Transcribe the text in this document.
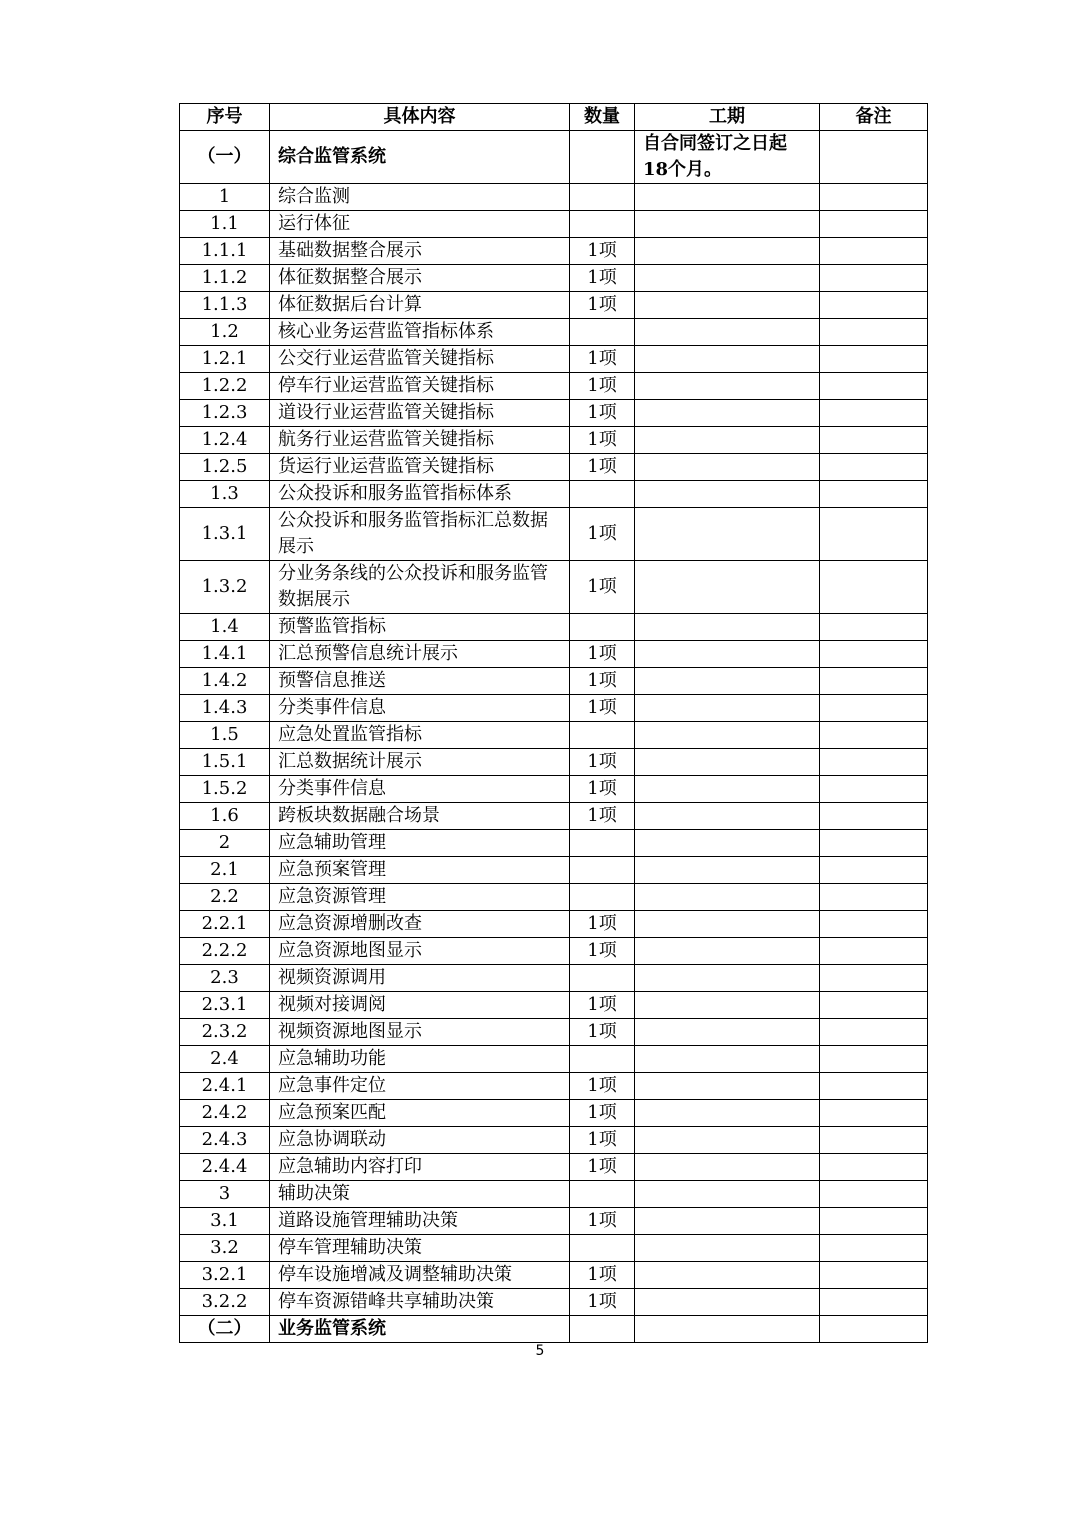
序号	具体内容	数量	工期	备注
（一）	综合监管系统		自合同签订之日起18个月。	
1	综合监测			
1.1	运行体征			
1.1.1	基础数据整合展示	1项		
1.1.2	体征数据整合展示	1项		
1.1.3	体征数据后台计算	1项		
1.2	核心业务运营监管指标体系			
1.2.1	公交行业运营监管关键指标	1项		
1.2.2	停车行业运营监管关键指标	1项		
1.2.3	道设行业运营监管关键指标	1项		
1.2.4	航务行业运营监管关键指标	1项		
1.2.5	货运行业运营监管关键指标	1项		
1.3	公众投诉和服务监管指标体系			
1.3.1	公众投诉和服务监管指标汇总数据展示	1项		
1.3.2	分业务条线的公众投诉和服务监管数据展示	1项		
1.4	预警监管指标			
1.4.1	汇总预警信息统计展示	1项		
1.4.2	预警信息推送	1项		
1.4.3	分类事件信息	1项		
1.5	应急处置监管指标			
1.5.1	汇总数据统计展示	1项		
1.5.2	分类事件信息	1项		
1.6	跨板块数据融合场景	1项		
2	应急辅助管理			
2.1	应急预案管理			
2.2	应急资源管理			
2.2.1	应急资源增删改查	1项		
2.2.2	应急资源地图显示	1项		
2.3	视频资源调用			
2.3.1	视频对接调阅	1项		
2.3.2	视频资源地图显示	1项		
2.4	应急辅助功能			
2.4.1	应急事件定位	1项		
2.4.2	应急预案匹配	1项		
2.4.3	应急协调联动	1项		
2.4.4	应急辅助内容打印	1项		
3	辅助决策			
3.1	道路设施管理辅助决策	1项		
3.2	停车管理辅助决策			
3.2.1	停车设施增减及调整辅助决策	1项		
3.2.2	停车资源错峰共享辅助决策	1项		
（二）	业务监管系统			
5
